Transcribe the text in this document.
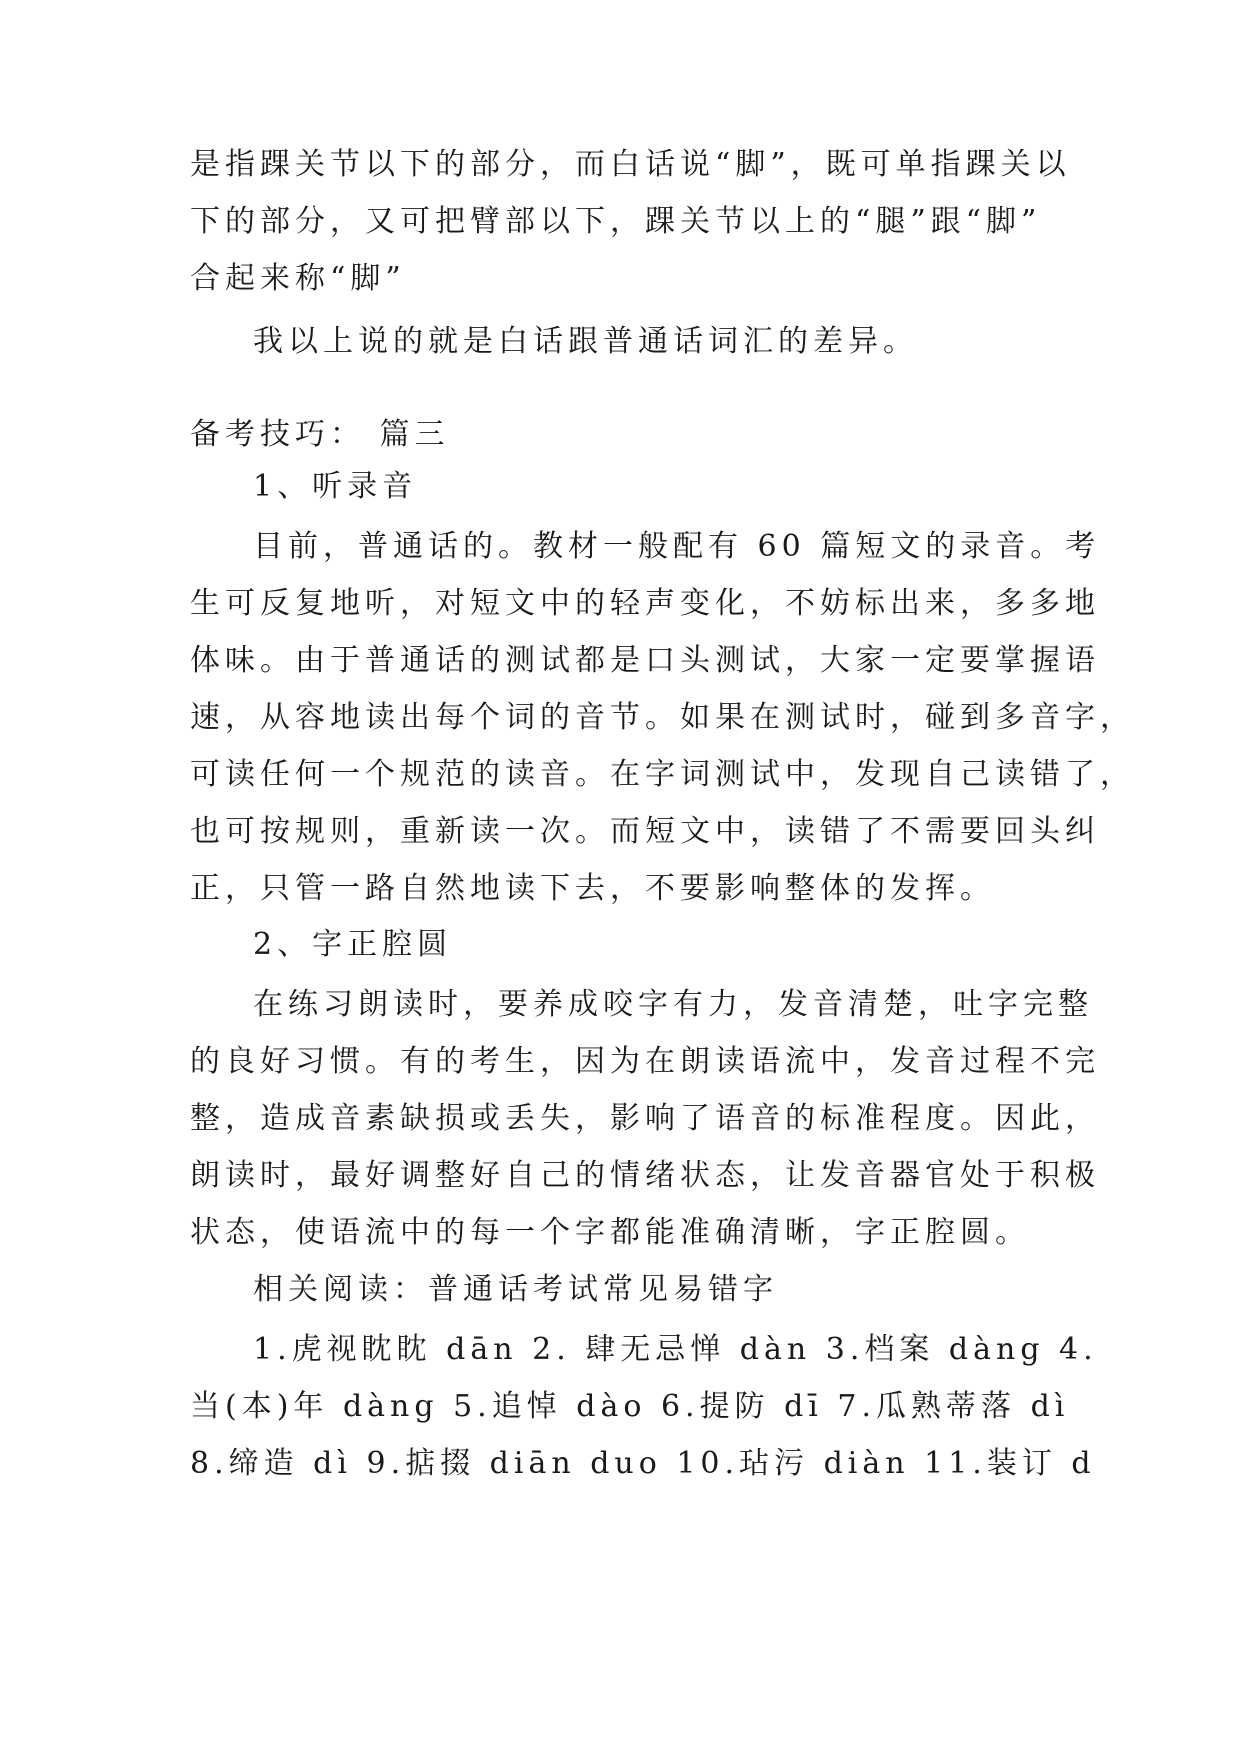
是指踝关节以下的部分，而白话说“脚”，既可单指踝关以
下的部分，又可把臂部以下，踝关节以上的“腿”跟“脚”
合起来称“脚”
我以上说的就是白话跟普通话词汇的差异。
备考技巧： 篇三
1、听录音
目前，普通话的。教材一般配有 60 篇短文的录音。考
生可反复地听，对短文中的轻声变化，不妨标出来，多多地
体味。由于普通话的测试都是口头测试，大家一定要掌握语
速，从容地读出每个词的音节。如果在测试时，碰到多音字，
可读任何一个规范的读音。在字词测试中，发现自己读错了，
也可按规则，重新读一次。而短文中，读错了不需要回头纠
正，只管一路自然地读下去，不要影响整体的发挥。
2、字正腔圆
在练习朗读时，要养成咬字有力，发音清楚，吐字完整
的良好习惯。有的考生，因为在朗读语流中，发音过程不完
整，造成音素缺损或丢失，影响了语音的标准程度。因此，
朗读时，最好调整好自己的情绪状态，让发音器官处于积极
状态，使语流中的每一个字都能准确清晰，字正腔圆。
相关阅读：普通话考试常见易错字
1.虎视眈眈 dān 2. 肆无忌惮 dàn 3.档案 dàng 4.
当(本)年 dàng 5.追悼 dào 6.提防 dī 7.瓜熟蒂落 dì
8.缔造 dì 9.掂掇 diān duo 10.玷污 diàn 11.装订 d
